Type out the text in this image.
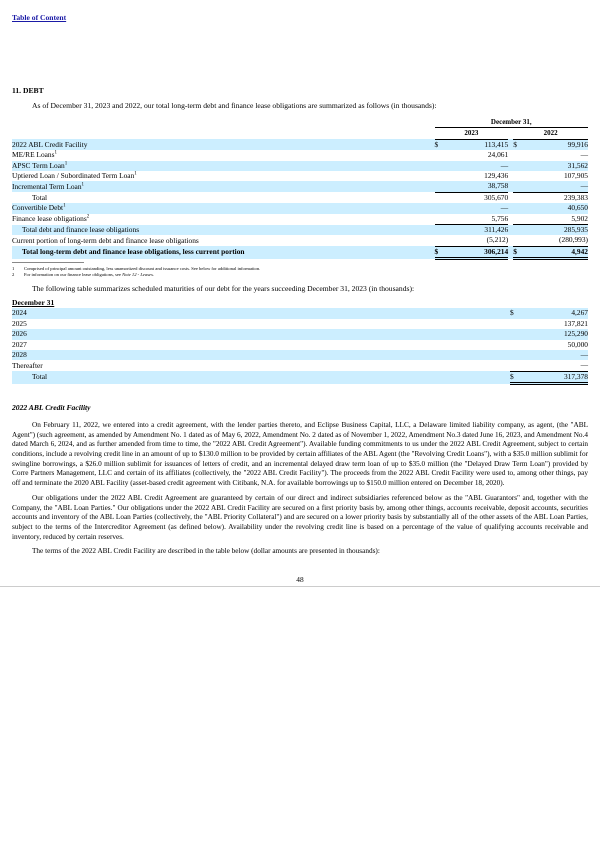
Table of Content
11. DEBT
As of December 31, 2023 and 2022, our total long-term debt and finance lease obligations are summarized as follows (in thousands):
	December 31,				
	2023			2022	
2022 ABL Credit Facility	$	113,415		$	99,916
ME/RE Loans$^1$		24,061			—
APSC Term Loan$^1$		—			31,562
Uptiered Loan / Subordinated Term Loan$^1$		129,436			107,905
Incremental Term Loan$^1$		38,758			—
Total		305,670			239,383
Convertible Debt$^1$		—			40,650
Finance lease obligations$^2$		5,756			5,902
Total debt and finance lease obligations		311,426			285,935
Current portion of long-term debt and finance lease obligations		(5,212)			(280,993)
Total long-term debt and finance lease obligations, less current portion	$	306,214		$	4,942
1	Comprised of principal amount outstanding, less unamortized discount and issuance costs. See below for additional information.
2	For information on our finance lease obligations, see Note 12 - Leases.
The following table summarizes scheduled maturities of our debt for the years succeeding December 31, 2023 (in thousands):
December 31		
2024	$	4,267
2025		137,821
2026		125,290
2027		50,000
2028		—
Thereafter		—
Total	$	317,378
2022 ABL Credit Facility

On February 11, 2022, we entered into a credit agreement, with the lender parties thereto, and Eclipse Business Capital, LLC, a Delaware limited liability company, as agent, (the "ABL Agent") (such agreement, as amended by Amendment No. 1 dated as of May 6, 2022, Amendment No. 2 dated as of November 1, 2022, Amendment No.3 dated June 16, 2023, and Amendment No.4 dated March 6, 2024, and as further amended from time to time, the "2022 ABL Credit Agreement"). Available funding commitments to us under the 2022 ABL Credit Agreement, subject to certain conditions, include a revolving credit line in an amount of up to $130.0 million to be provided by certain affiliates of the ABL Agent (the "Revolving Credit Loans"), with a $35.0 million sublimit for swingline borrowings, a $26.0 million sublimit for issuances of letters of credit, and an incremental delayed draw term loan of up to $35.0 million (the "Delayed Draw Term Loan") provided by Corre Partners Management, LLC and certain of its affiliates (collectively, the "2022 ABL Credit Facility"). The proceeds from the 2022 ABL Credit Facility were used to, among other things, pay off and terminate the 2020 ABL Facility (asset-based credit agreement with Citibank, N.A. for available borrowings up to $150.0 million entered on December 18, 2020).

Our obligations under the 2022 ABL Credit Agreement are guaranteed by certain of our direct and indirect subsidiaries referenced below as the "ABL Guarantors" and, together with the Company, the "ABL Loan Parties." Our obligations under the 2022 ABL Credit Facility are secured on a first priority basis by, among other things, accounts receivable, deposit accounts, securities accounts and inventory of the ABL Loan Parties (collectively, the "ABL Priority Collateral") and are secured on a lower priority basis by substantially all of the other assets of the ABL Loan Parties, subject to the terms of the Intercreditor Agreement (as defined below). Availability under the revolving credit line is based on a percentage of the value of qualifying accounts receivable and inventory, reduced by certain reserves.

The terms of the 2022 ABL Credit Facility are described in the table below (dollar amounts are presented in thousands):

48
